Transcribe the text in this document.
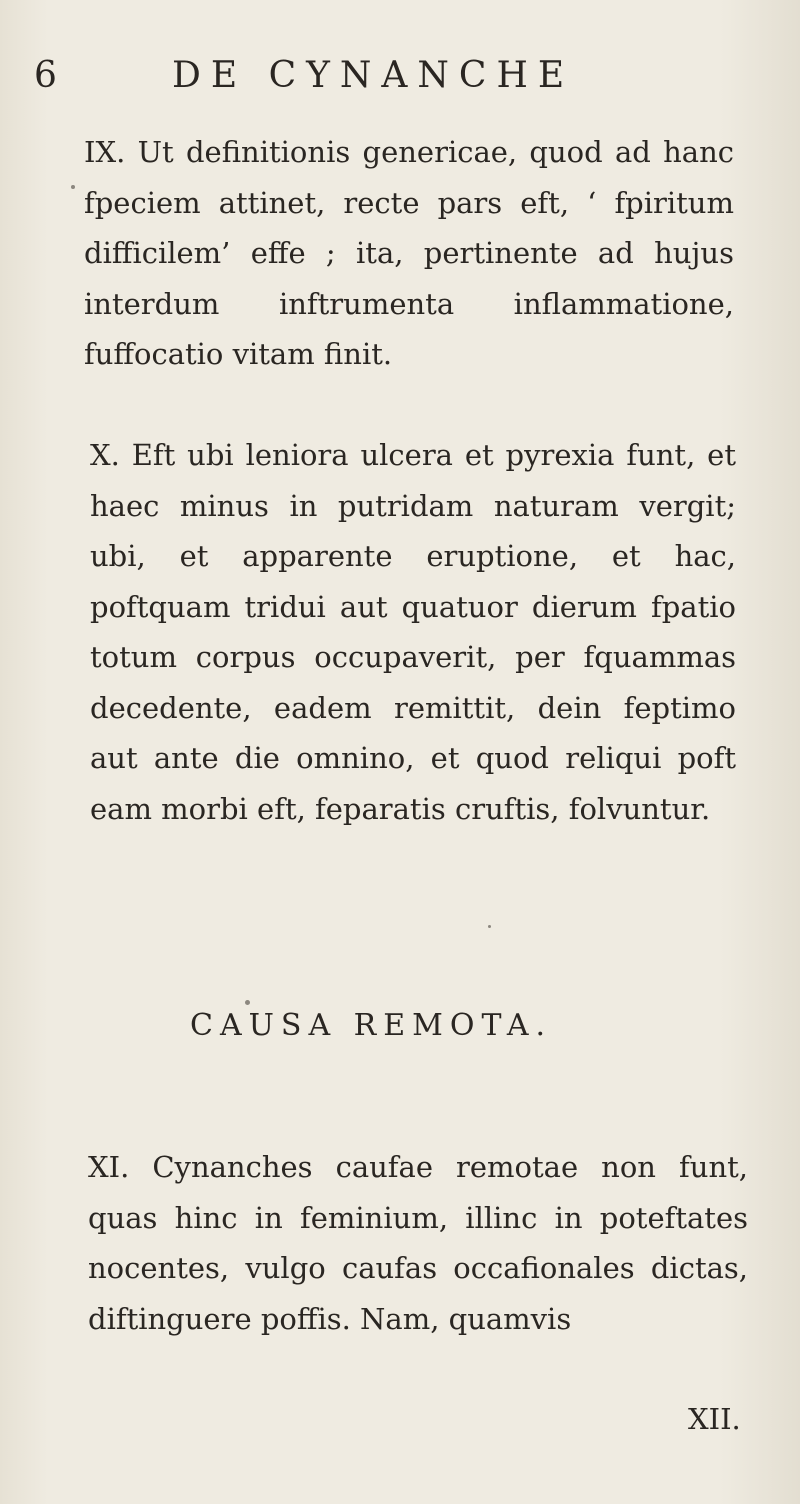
6	DE CYNANCHE

IX. Ut definitionis genericae, quod ad hanc fpeciem attinet, recte pars eft, ‘ fpiritum difficilem’ effe ; ita, pertinente ad hujus interdum inftrumenta inflammatione, fuffocatio vitam finit.

X. Eft ubi leniora ulcera et pyrexia funt, et haec minus in putridam naturam vergit; ubi, et apparente eruptione, et hac, poftquam tridui aut quatuor dierum fpatio totum corpus occupaverit, per fquammas decedente, eadem remittit, dein feptimo aut ante die omnino, et quod reliqui poft eam morbi eft, feparatis cruftis, folvuntur.

CAUSA REMOTA.

XI. Cynanches caufae remotae non funt, quas hinc in feminium, illinc in poteftates nocentes, vulgo caufas occafionales dictas, diftinguere poffis. Nam, quamvis

XII.
